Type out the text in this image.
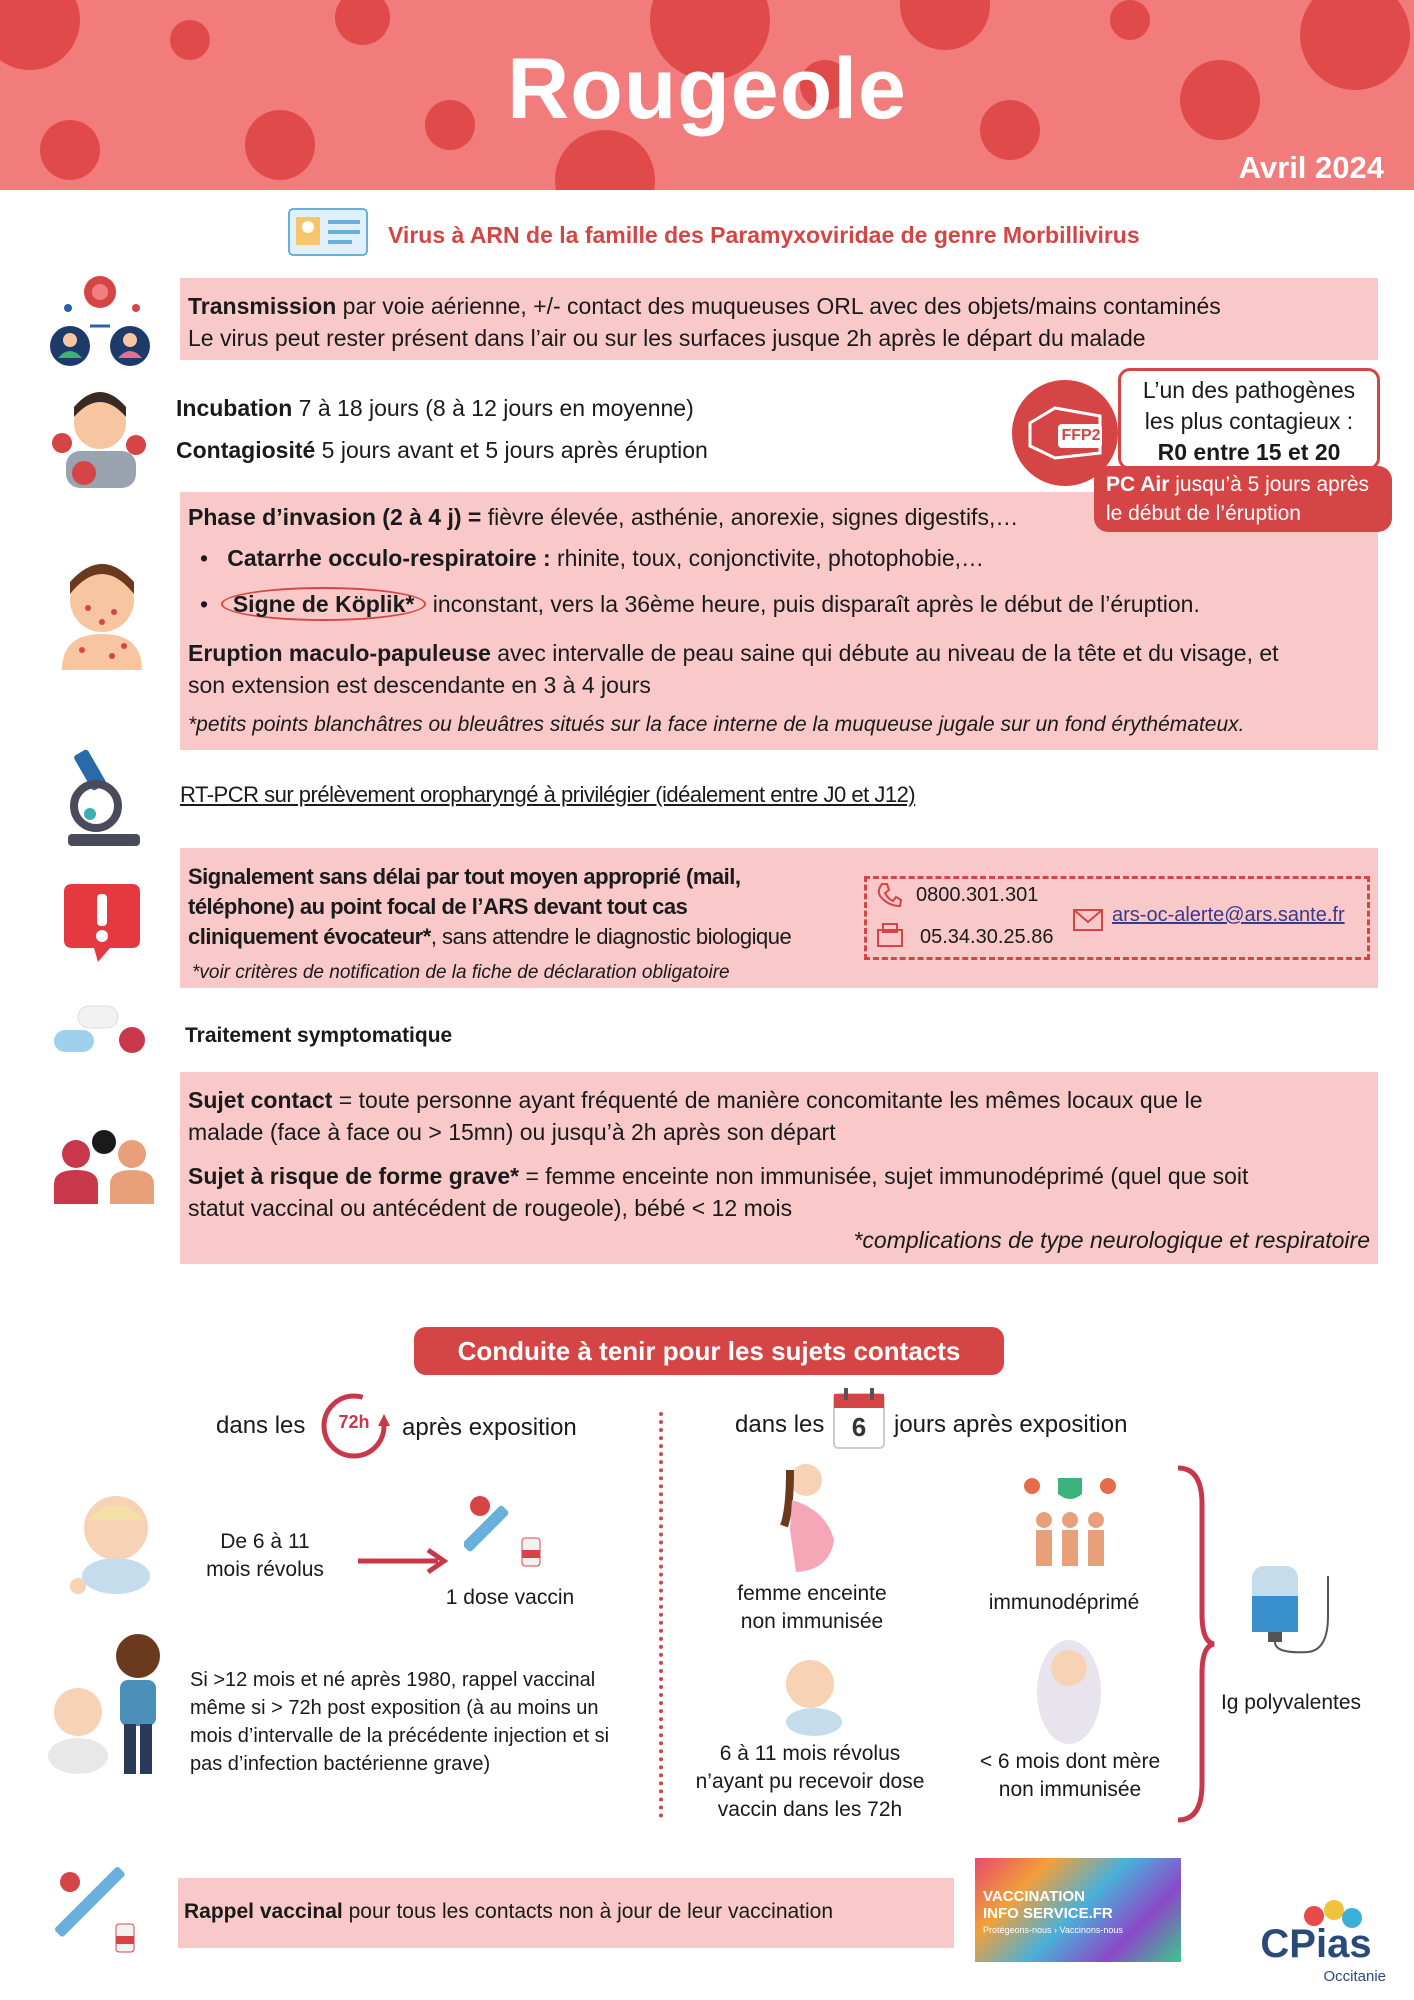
Rougeole
Avril 2024
Virus à ARN de la famille des Paramyxoviridae de genre Morbillivirus
Transmission par voie aérienne, +/- contact des muqueuses ORL avec des objets/mains contaminés
Le virus peut rester présent dans l’air ou sur les surfaces jusque 2h après le départ du malade
Incubation 7 à 18 jours (8 à 12 jours en moyenne)
Contagiosité 5 jours avant et 5 jours après éruption
Phase d’invasion (2 à 4 j) = fièvre élevée, asthénie, anorexie, signes digestifs,…
•   Catarrhe occulo-respiratoire : rhinite, toux, conjonctivite, photophobie,…
•  Signe de Köplik* inconstant, vers la 36ème heure, puis disparaît après le début de l’éruption.
Eruption maculo-papuleuse avec intervalle de peau saine qui débute au niveau de la tête et du visage, et
son extension est descendante en 3 à 4 jours
*petits points blanchâtres ou bleuâtres situés sur la face interne de la muqueuse jugale sur un fond érythémateux.
FFP2
L’un des pathogènes
les plus contagieux :
R0 entre 15 et 20
PC Air jusqu’à 5 jours après
le début de l’éruption
RT-PCR sur prélèvement oropharyngé à privilégier (idéalement entre J0 et J12)
Signalement sans délai par tout moyen approprié (mail,
téléphone) au point focal de l’ARS devant tout cas
cliniquement évocateur*, sans attendre le diagnostic biologique
*voir critères de notification de la fiche de déclaration obligatoire
0800.301.301
05.34.30.25.86
ars-oc-alerte@ars.sante.fr
Traitement symptomatique
Sujet contact = toute personne ayant fréquenté de manière concomitante les mêmes locaux que le
malade (face à face ou > 15mn) ou jusqu’à 2h après son départ
Sujet à risque de forme grave* = femme enceinte non immunisée, sujet immunodéprimé (quel que soit
statut vaccinal ou antécédent de rougeole), bébé < 12 mois
*complications de type neurologique et respiratoire
Conduite à tenir pour les sujets contacts
dans les 72h après exposition	dans les	6	jours après exposition
De 6 à 11
mois révolus
1 dose vaccin
Si >12 mois et né après 1980, rappel vaccinal même si > 72h post exposition (à au moins un mois d’intervalle de la précédente injection et si pas d’infection bactérienne grave)
femme enceinte
non immunisée
immunodéprimé
6 à 11 mois révolus
n’ayant pu recevoir dose
vaccin dans les 72h
< 6 mois dont mère
non immunisée
Ig polyvalentes
Rappel vaccinal pour tous les contacts non à jour de leur vaccination
VACCINATION
INFO SERVICE.FR
Protégeons-nous › Vaccinons-nous	CPias
Occitanie
